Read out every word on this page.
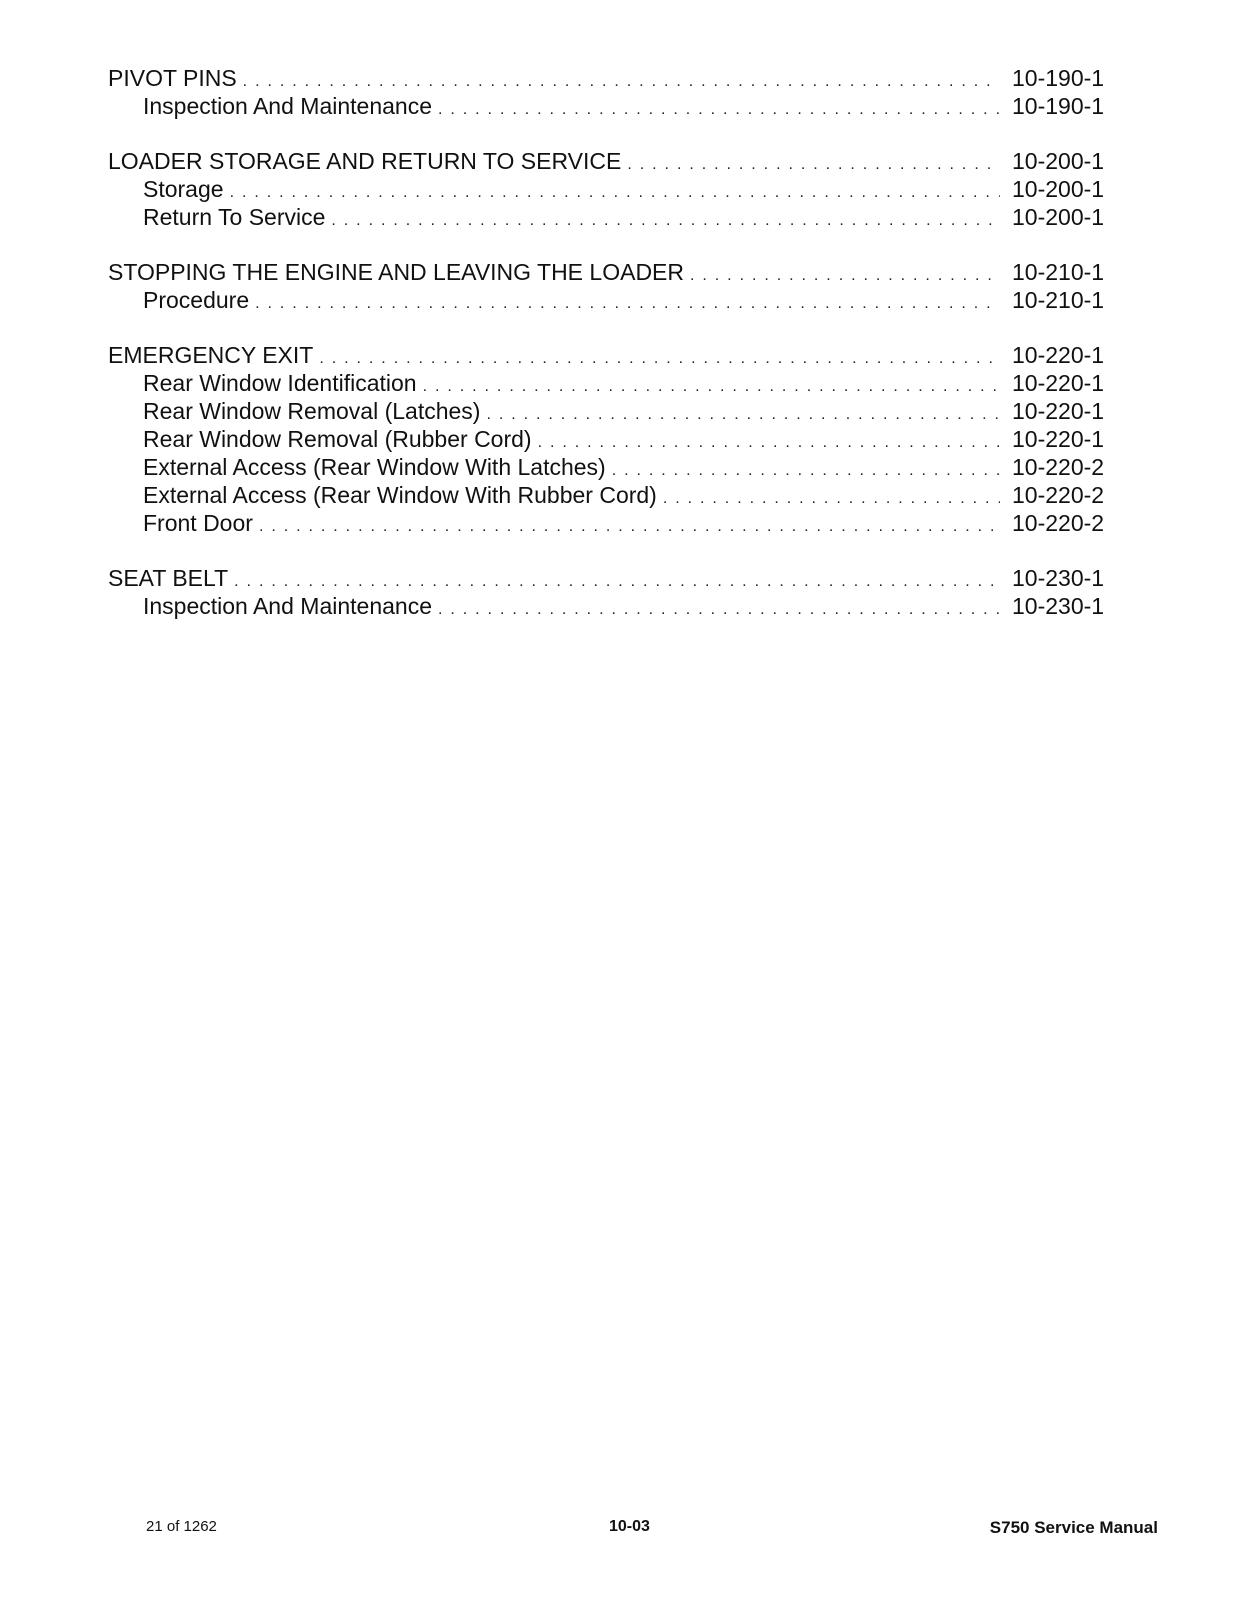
PIVOT PINS . . .	10-190-1
Inspection And Maintenance . . .	10-190-1
LOADER STORAGE AND RETURN TO SERVICE . . .	10-200-1
Storage . . .	10-200-1
Return To Service . . .	10-200-1
STOPPING THE ENGINE AND LEAVING THE LOADER . . .	10-210-1
Procedure . . .	10-210-1
EMERGENCY EXIT . . .	10-220-1
Rear Window Identification . . .	10-220-1
Rear Window Removal (Latches) . . .	10-220-1
Rear Window Removal (Rubber Cord) . . .	10-220-1
External Access (Rear Window With Latches) . . .	10-220-2
External Access (Rear Window With Rubber Cord) . . .	10-220-2
Front Door . . .	10-220-2
SEAT BELT . . .	10-230-1
Inspection And Maintenance . . .	10-230-1
21 of 1262	10-03	S750 Service Manual
